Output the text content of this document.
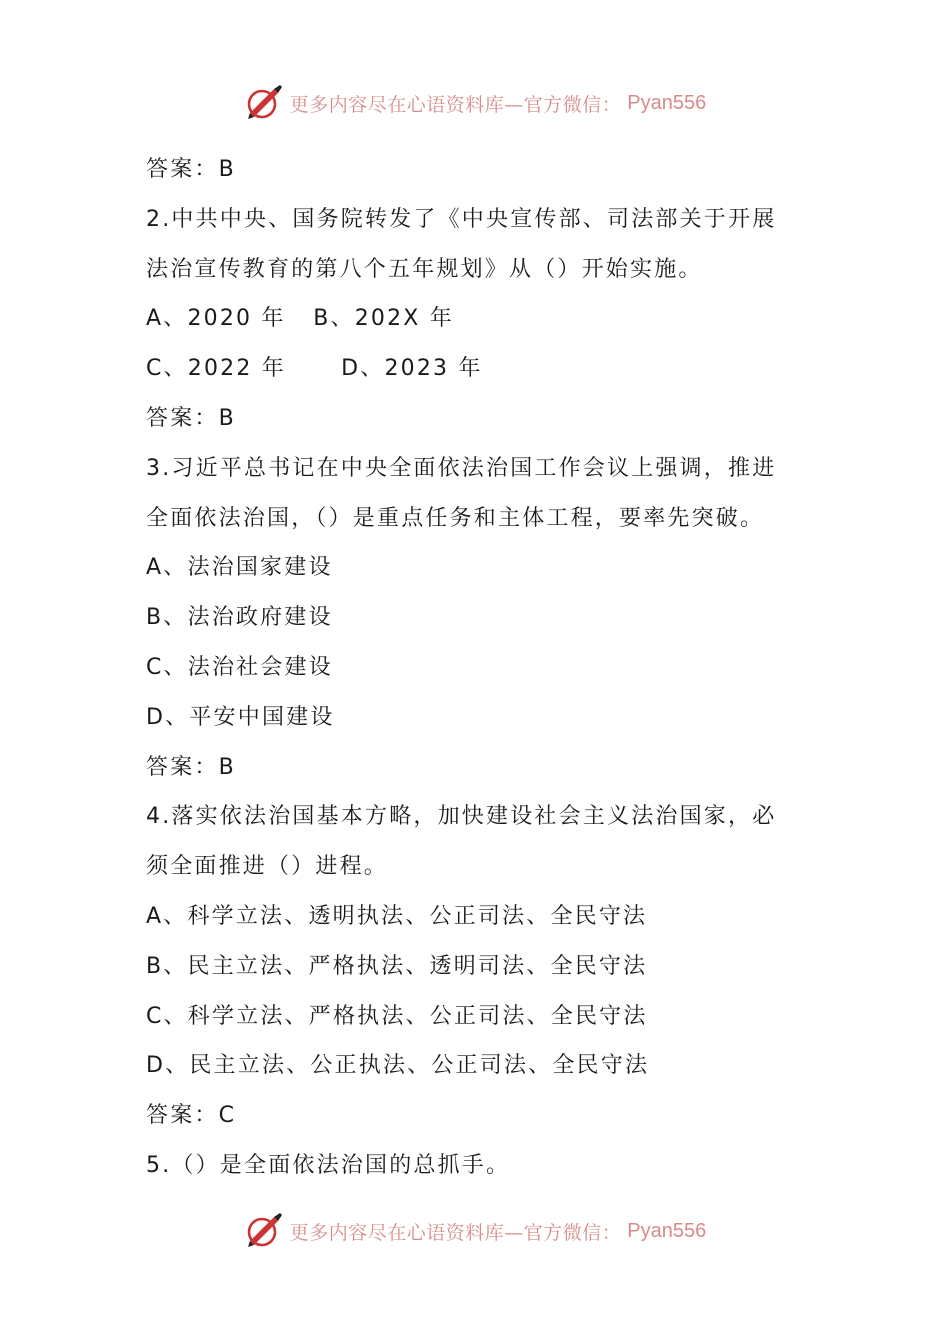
更多内容尽在心语资料库—官方微信： Pyan556
答案：B
2.中共中央、国务院转发了《中央宣传部、司法部关于开展
法治宣传教育的第八个五年规划》从（）开始实施。
A、2020 年   B、202X 年
C、2022 年      D、2023 年
答案：B
3.习近平总书记在中央全面依法治国工作会议上强调，推进
全面依法治国，（）是重点任务和主体工程，要率先突破。
A、法治国家建设
B、法治政府建设
C、法治社会建设
D、平安中国建设
答案：B
4.落实依法治国基本方略，加快建设社会主义法治国家，必
须全面推进（）进程。
A、科学立法、透明执法、公正司法、全民守法
B、民主立法、严格执法、透明司法、全民守法
C、科学立法、严格执法、公正司法、全民守法
D、民主立法、公正执法、公正司法、全民守法
答案：C
5.（）是全面依法治国的总抓手。
更多内容尽在心语资料库—官方微信： Pyan556
